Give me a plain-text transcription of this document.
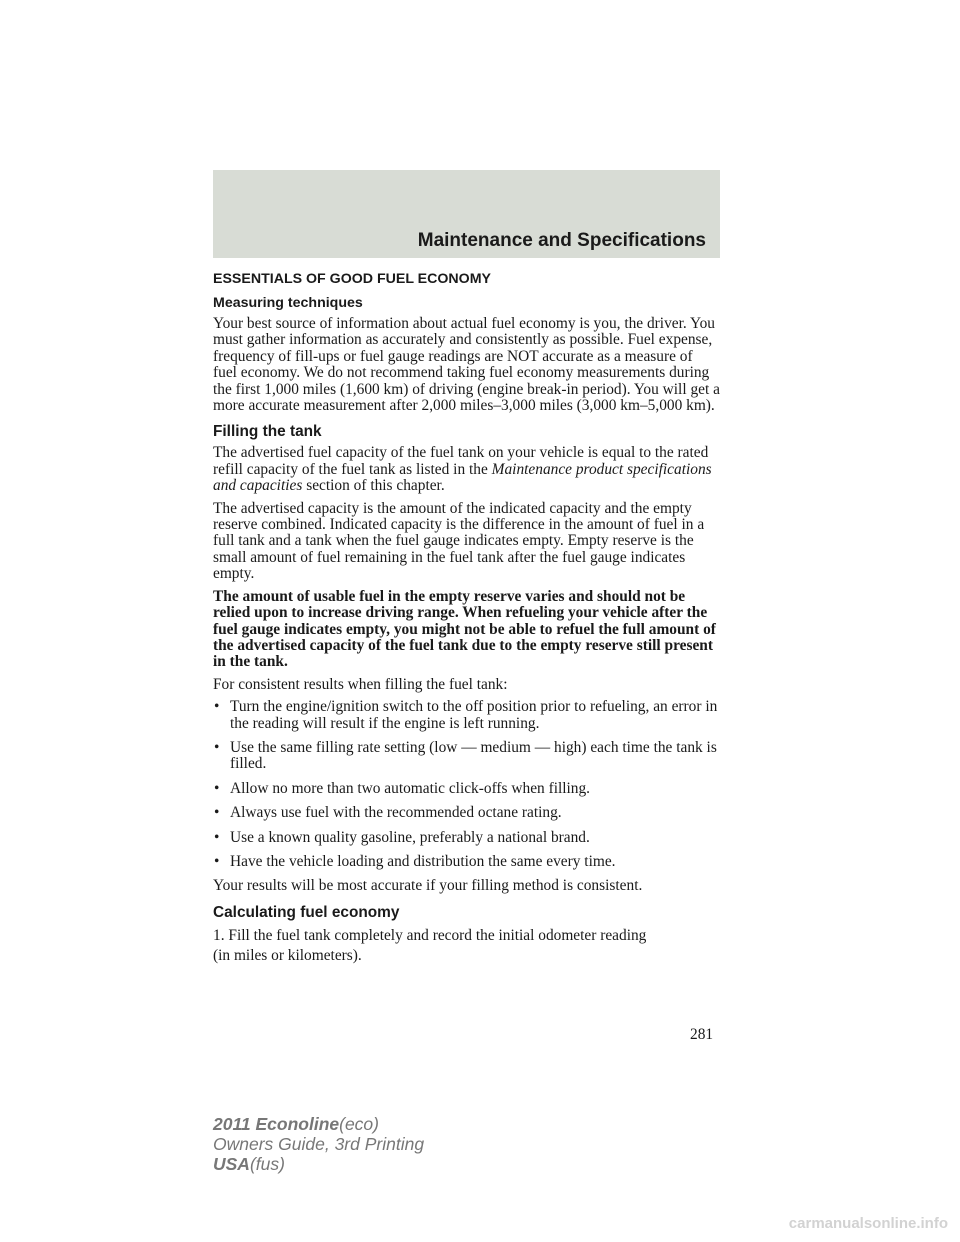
Maintenance and Specifications
ESSENTIALS OF GOOD FUEL ECONOMY
Measuring techniques

Your best source of information about actual fuel economy is you, the driver. You must gather information as accurately and consistently as possible. Fuel expense, frequency of fill-ups or fuel gauge readings are NOT accurate as a measure of fuel economy. We do not recommend taking fuel economy measurements during the first 1,000 miles (1,600 km) of driving (engine break-in period). You will get a more accurate measurement after 2,000 miles–3,000 miles (3,000 km–5,000 km).

Filling the tank

The advertised fuel capacity of the fuel tank on your vehicle is equal to the rated refill capacity of the fuel tank as listed in the Maintenance product specifications and capacities section of this chapter.

The advertised capacity is the amount of the indicated capacity and the empty reserve combined. Indicated capacity is the difference in the amount of fuel in a full tank and a tank when the fuel gauge indicates empty. Empty reserve is the small amount of fuel remaining in the fuel tank after the fuel gauge indicates empty.

The amount of usable fuel in the empty reserve varies and should not be relied upon to increase driving range. When refueling your vehicle after the fuel gauge indicates empty, you might not be able to refuel the full amount of the advertised capacity of the fuel tank due to the empty reserve still present in the tank.

For consistent results when filling the fuel tank:

• Turn the engine/ignition switch to the off position prior to refueling, an error in the reading will result if the engine is left running.
• Use the same filling rate setting (low — medium — high) each time the tank is filled.
• Allow no more than two automatic click-offs when filling.
• Always use fuel with the recommended octane rating.
• Use a known quality gasoline, preferably a national brand.
• Have the vehicle loading and distribution the same every time.

Your results will be most accurate if your filling method is consistent.

Calculating fuel economy

1. Fill the fuel tank completely and record the initial odometer reading

(in miles or kilometers).

281
2011 Econoline(eco)
Owners Guide, 3rd Printing
USA(fus)
carmanualsonline.info
